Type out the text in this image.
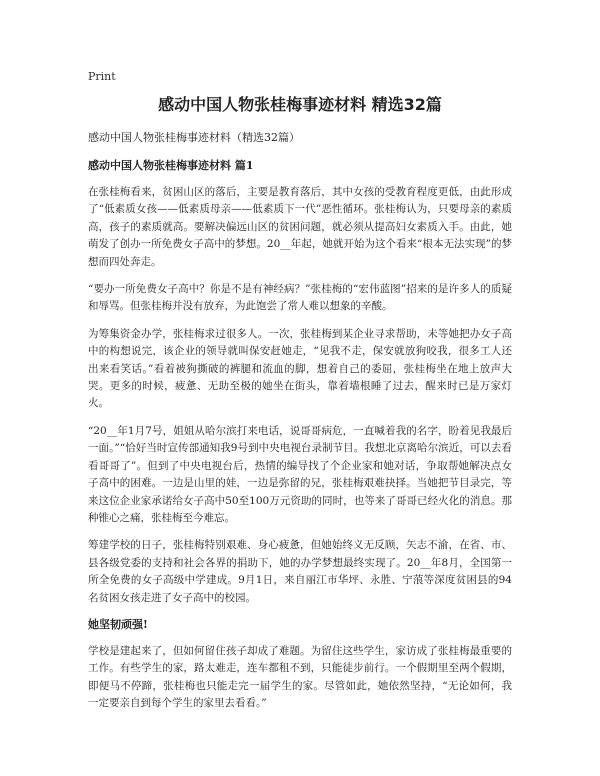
Print
感动中国人物张桂梅事迹材料 精选32篇
感动中国人物张桂梅事迹材料（精选32篇）
感动中国人物张桂梅事迹材料 篇1

在张桂梅看来，贫困山区的落后，主要是教育落后，其中女孩的受教育程度更低，由此形成了“低素质女孩——低素质母亲——低素质下一代”恶性循环。张桂梅认为，只要母亲的素质高，孩子的素质就高。要解决偏远山区的贫困问题，就必须从提高妇女素质入手。由此，她萌发了创办一所免费女子高中的梦想。20__年起，她就开始为这个看来“根本无法实现”的梦想而四处奔走。

“要办一所免费女子高中？你是不是有神经病？”张桂梅的“宏伟蓝图”招来的是许多人的质疑和辱骂。但张桂梅并没有放弃，为此饱尝了常人难以想象的辛酸。

为筹集资金办学，张桂梅求过很多人。一次，张桂梅到某企业寻求帮助，未等她把办女子高中的构想说完，该企业的领导就叫保安赶她走，“见我不走，保安就放狗咬我，很多工人还出来看笑话。”看着被狗撕破的裤腿和流血的脚，想着自己的委屈，张桂梅坐在地上放声大哭。更多的时候，疲惫、无助至极的她坐在街头，靠着墙根睡了过去，醒来时已是万家灯火。

“20__年1月7号，姐姐从哈尔滨打来电话，说哥哥病危，一直喊着我的名字，盼着见我最后一面。”“恰好当时宣传部通知我9号到中央电视台录制节目。我想北京离哈尔滨近，可以去看看哥哥了”。但到了中央电视台后，热情的编导找了个企业家和她对话，争取帮她解决点女子高中的困难。一边是山里的娃，一边是弥留的兄，张桂梅艰难抉择。当她把节目录完，等来这位企业家承诺给女子高中50至100万元资助的同时，也等来了哥哥已经火化的消息。那种锥心之痛，张桂梅至今难忘。

筹建学校的日子，张桂梅特别艰难、身心疲惫，但她始终义无反顾，矢志不渝，在省、市、县各级党委的支持和社会各界的捐助下，她的办学梦想最终实现了。20__年8月，全国第一所全免费的女子高级中学建成。9月1日，来自丽江市华坪、永胜、宁蒗等深度贫困县的94名贫困女孩走进了女子高中的校园。

她坚韧顽强!

学校是建起来了，但如何留住孩子却成了难题。为留住这些学生，家访成了张桂梅最重要的工作。有些学生的家，路太难走，连车都租不到，只能徒步前行。一个假期里至两个假期，即便马不停蹄，张桂梅也只能走完一届学生的家。尽管如此，她依然坚持，“无论如何，我一定要亲自到每个学生的家里去看看。”
